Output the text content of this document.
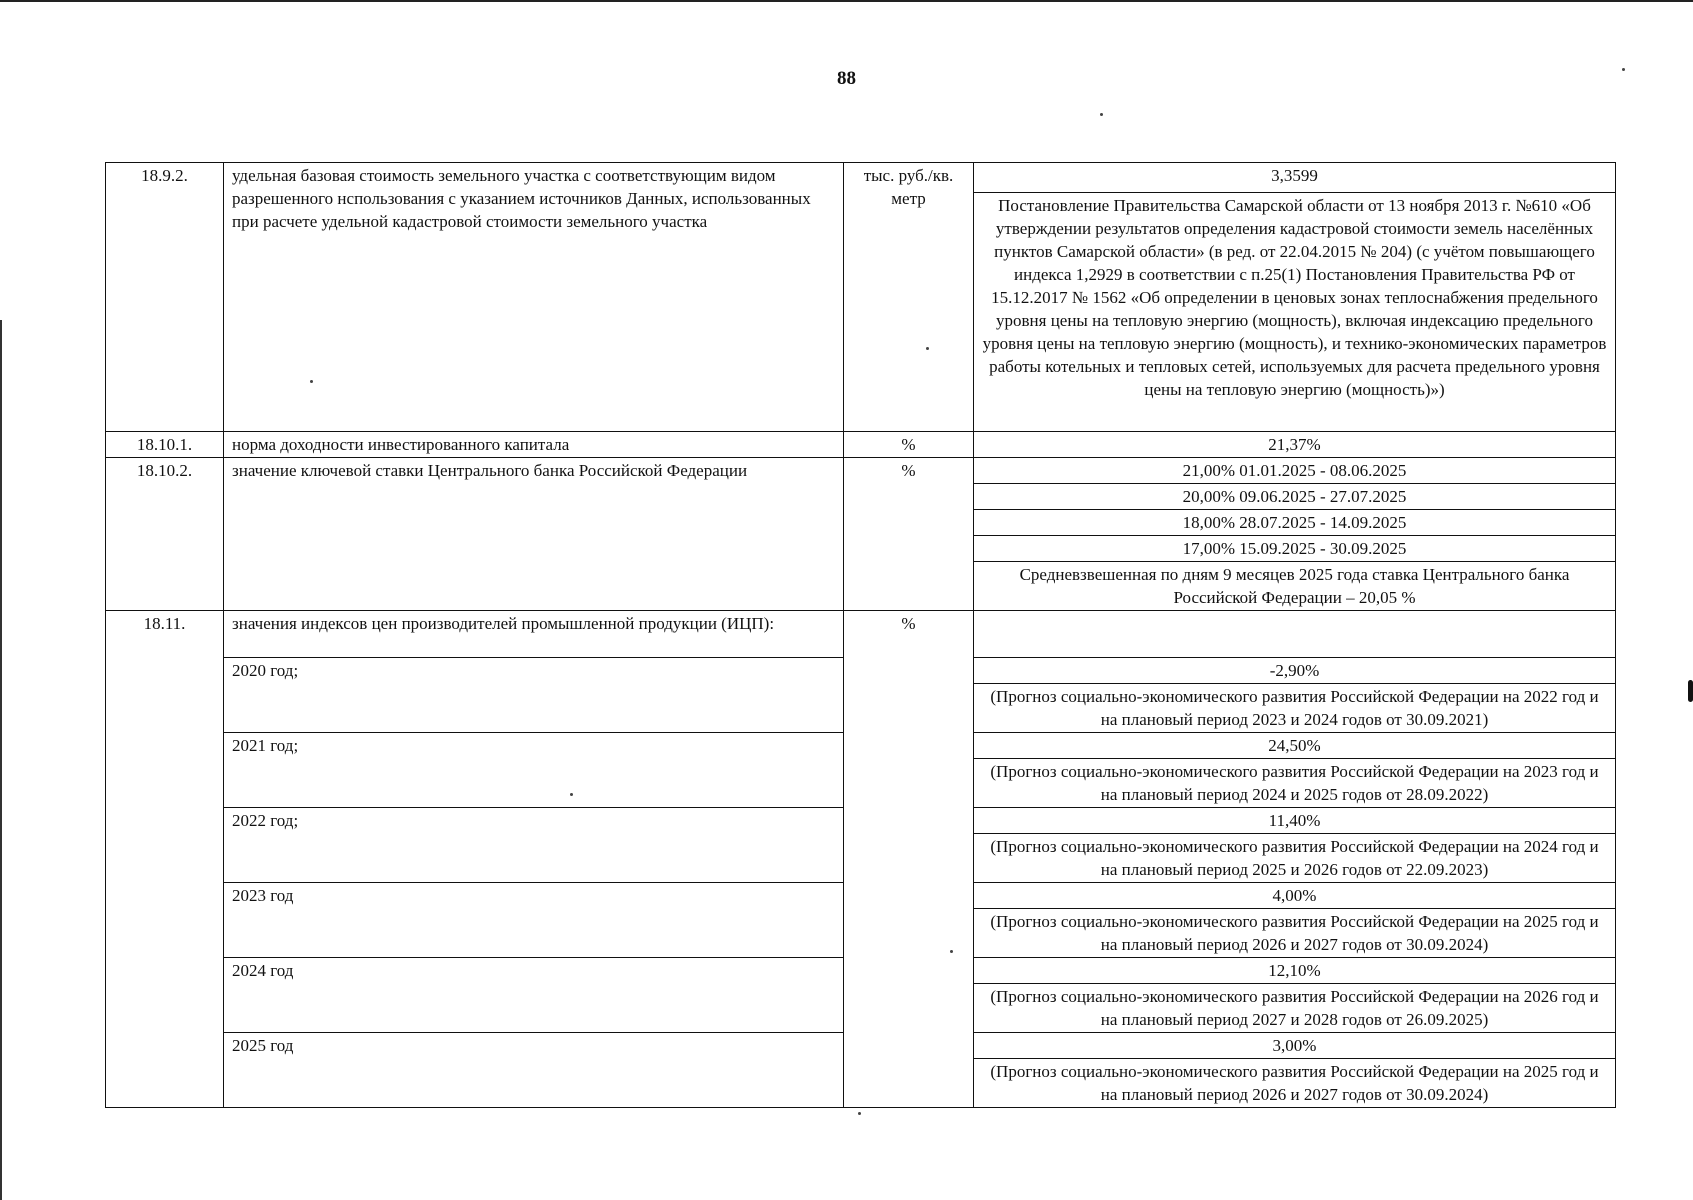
88
18.9.2.	удельная базовая стоимость земельного участка с соответствующим видом разрешенного нспользования с указанием источников Данных, использованных при расчете удельной кадастровой стоимости земельного участка	тыс. руб./кв. метр	3,3599
			Постановление Правительства Самарской области от 13 ноября 2013 г. №610 «Об утверждении результатов определения кадастровой стоимости земель населённых пунктов Самарской области» (в ред. от 22.04.2015 № 204) (с учётом повышающего индекса 1,2929 в соответствии с п.25(1) Постановления Правительства РФ от 15.12.2017 № 1562 «Об определении в ценовых зонах теплоснабжения предельного уровня цены на тепловую энергию (мощность), включая индексацию предельного уровня цены на тепловую энергию (мощность), и технико-экономических параметров работы котельных и тепловых сетей, используемых для расчета предельного уровня цены на тепловую энергию (мощность)»)
18.10.1.	норма доходности инвестированного капитала	%	21,37%
18.10.2.	значение ключевой ставки Центрального банка Российской Федерации	%	21,00% 01.01.2025 - 08.06.2025
			20,00% 09.06.2025 - 27.07.2025
			18,00% 28.07.2025 - 14.09.2025
			17,00% 15.09.2025 - 30.09.2025
			Средневзвешенная по дням 9 месяцев 2025 года ставка Центрального банка Российской Федерации – 20,05 %
18.11.	значения индексов цен производителей промышленной продукции (ИЦП):	%	
	2020 год;		-2,90%
			(Прогноз социально-экономического развития Российской Федерации на 2022 год и на плановый период 2023 и 2024 годов от 30.09.2021)
	2021 год;		24,50%
			(Прогноз социально-экономического развития Российской Федерации на 2023 год и на плановый период 2024 и 2025 годов от 28.09.2022)
	2022 год;		11,40%
			(Прогноз социально-экономического развития Российской Федерации на 2024 год и на плановый период 2025 и 2026 годов от 22.09.2023)
	2023 год		4,00%
			(Прогноз социально-экономического развития Российской Федерации на 2025 год и на плановый период 2026 и 2027 годов от 30.09.2024)
	2024 год		12,10%
			(Прогноз социально-экономического развития Российской Федерации на 2026 год и на плановый период 2027 и 2028 годов от 26.09.2025)
	2025 год		3,00%
			(Прогноз социально-экономического развития Российской Федерации на 2025 год и на плановый период 2026 и 2027 годов от 30.09.2024)
